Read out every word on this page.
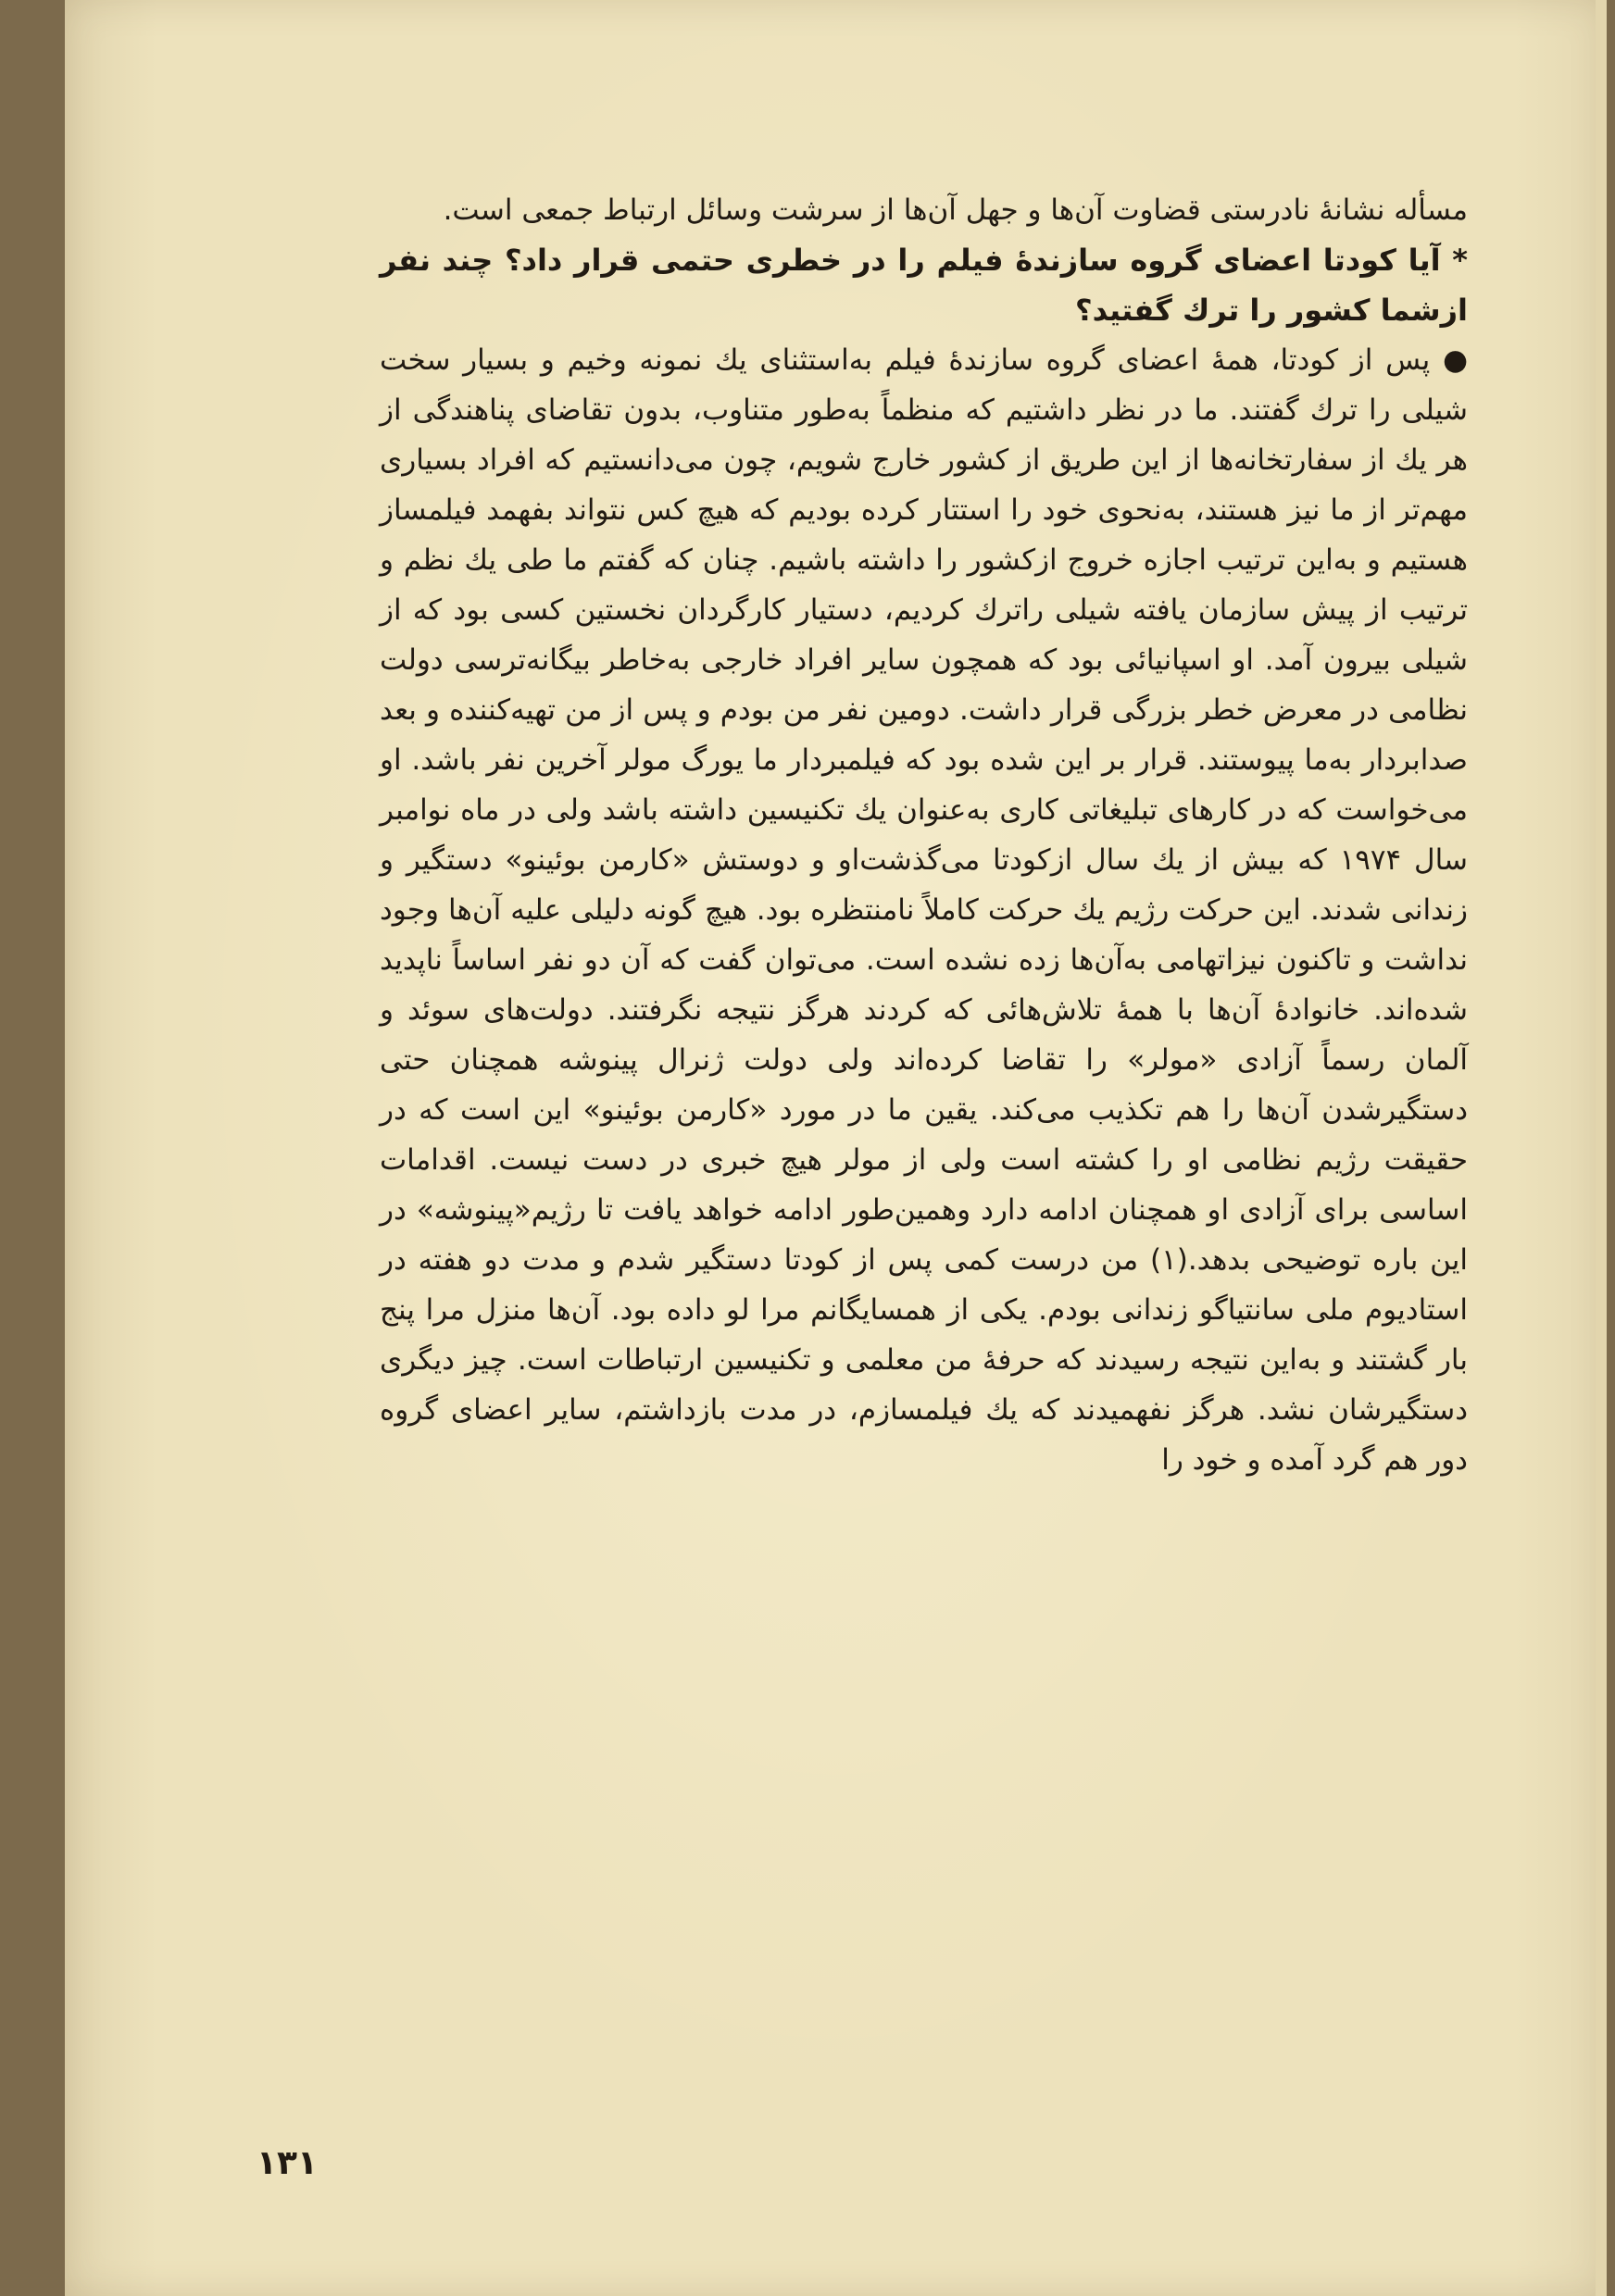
مسأله نشانهٔ نادرستی قضاوت آن‌ها و جهل آن‌ها از سرشت وسائل ارتباط جمعی است.

* آیا کودتا اعضای گروه سازندهٔ فیلم را در خطری حتمی قرار داد؟ چند نفر ازشما کشور را ترك گفتید؟

● پس از کودتا، همهٔ اعضای گروه سازندهٔ فیلم به‌استثنای یك نمونه وخیم و بسیار سخت شیلی را ترك گفتند. ما در نظر داشتیم که منظماً به‌طور متناوب، بدون تقاضای پناهندگی از هر یك از سفارتخانه‌ها از این طریق از کشور خارج شویم، چون می‌دانستیم که افراد بسیاری مهم‌تر از ما نیز هستند، به‌نحوی خود را استتار کرده بودیم که هیچ کس نتواند بفهمد فیلمساز هستیم و به‌این ترتیب اجازه خروج ازکشور را داشته باشیم. چنان که گفتم ما طی یك نظم و ترتیب از پیش سازمان یافته شیلی راترك کردیم، دستیار کارگردان نخستین کسی بود که از شیلی بیرون آمد. او اسپانیائی بود که همچون سایر افراد خارجی به‌خاطر بیگانه‌ترسی دولت نظامی در معرض خطر بزرگی قرار داشت. دومین نفر من بودم و پس از من تهیه‌کننده و بعد صدابردار به‌ما پیوستند. قرار بر این شده بود که فیلمبردار ما یورگ مولر آخرین نفر باشد. او می‌خواست که در کارهای تبلیغاتی کاری به‌عنوان یك تکنیسین داشته باشد ولی در ماه نوامبر سال ۱۹۷۴ که بیش از یك سال ازکودتا می‌گذشت‌او و دوستش «کارمن بوئینو» دستگیر و زندانی شدند. این حرکت رژیم یك حرکت کاملاً نامنتظره بود. هیچ گونه دلیلی علیه آن‌ها وجود نداشت و تاکنون نیزاتهامی به‌آن‌ها زده نشده است. می‌توان گفت که آن دو نفر اساساً ناپدید شده‌اند. خانوادهٔ آن‌ها با همهٔ تلاش‌هائی که کردند هرگز نتیجه نگرفتند. دولت‌های سوئد و آلمان رسماً آزادی «مولر» را تقاضا کرده‌اند ولی دولت ژنرال پینوشه همچنان حتی دستگیرشدن آن‌ها را هم تکذیب می‌کند. یقین ما در مورد «کارمن بوئینو» این است که در حقیقت رژیم نظامی او را کشته است ولی از مولر هیچ خبری در دست نیست. اقدامات اساسی برای آزادی او همچنان ادامه دارد وهمین‌طور ادامه خواهد یافت تا رژیم«پینوشه» در این باره توضیحی بدهد.(۱) من درست کمی پس از کودتا دستگیر شدم و مدت دو هفته در استادیوم ملی سانتیاگو زندانی بودم. یکی از همسایگانم مرا لو داده بود. آن‌ها منزل مرا پنج بار گشتند و به‌این نتیجه رسیدند که حرفهٔ من معلمی و تکنیسین ارتباطات است. چیز دیگری دستگیرشان نشد. هرگز نفهمیدند که یك فیلمسازم، در مدت بازداشتم، سایر اعضای گروه دور هم گرد آمده و خود را

۱۳۱
